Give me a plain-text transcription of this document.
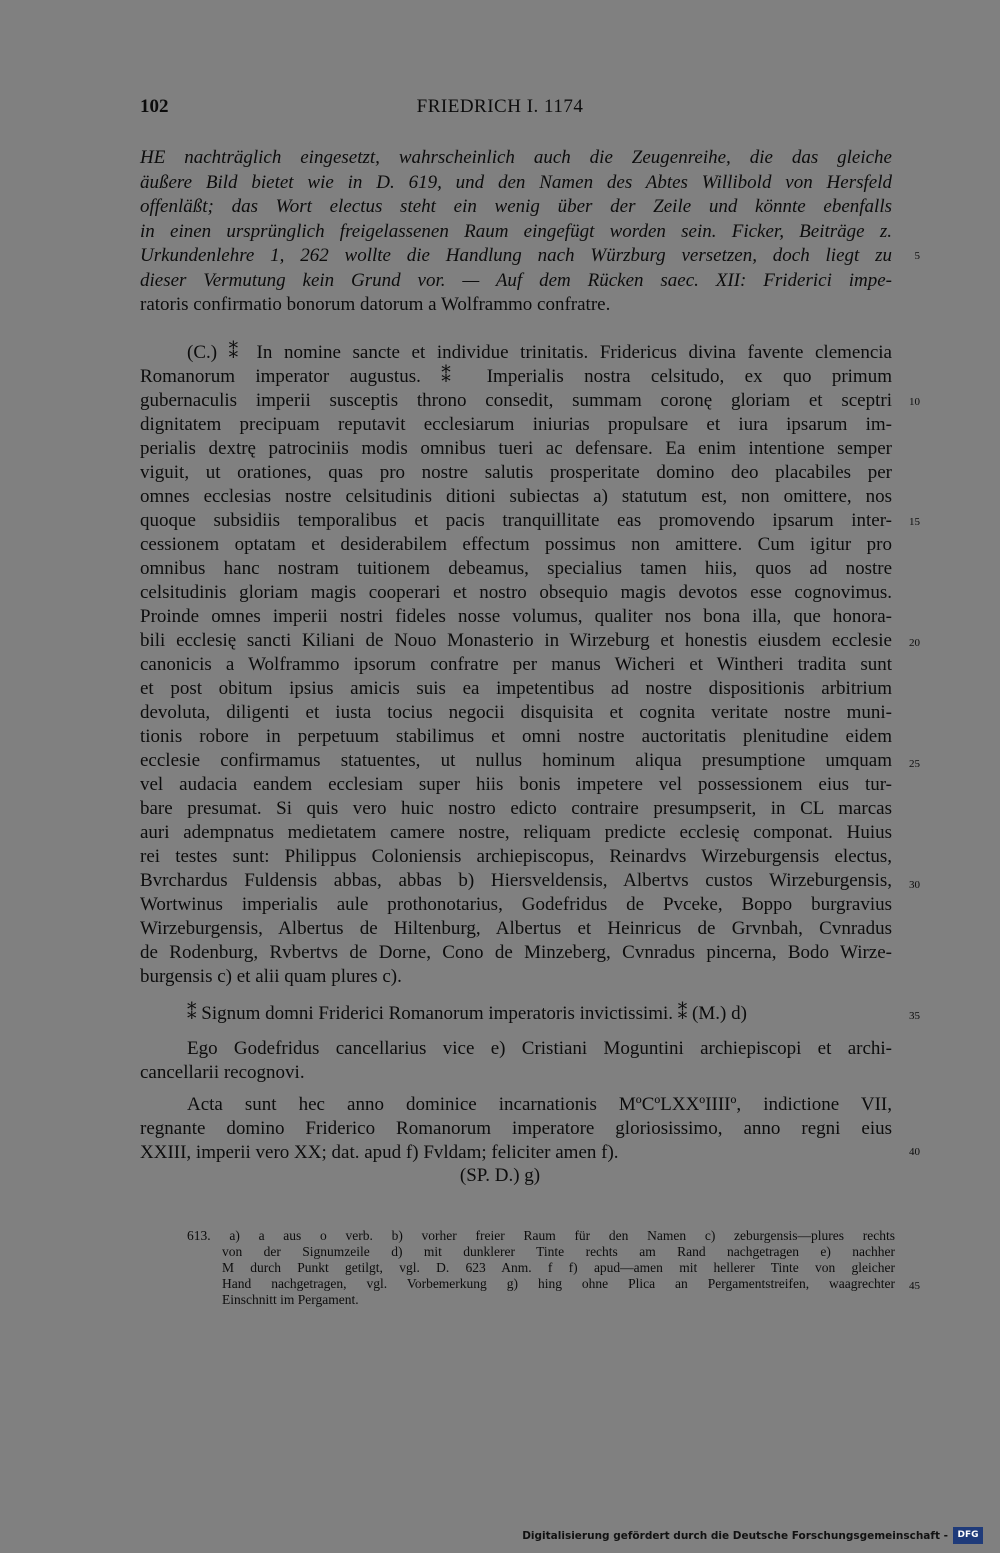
102	FRIEDRICH I. 1174
HE nachträglich eingesetzt, wahrscheinlich auch die Zeugenreihe, die das gleiche
äußere Bild bietet wie in D. 619, und den Namen des Abtes Willibold von Hersfeld
offenläßt; das Wort electus steht ein wenig über der Zeile und könnte ebenfalls
in einen ursprünglich freigelassenen Raum eingefügt worden sein. Ficker, Beiträge z.
Urkundenlehre 1, 262 wollte die Handlung nach Würzburg versetzen, doch liegt zu
dieser Vermutung kein Grund vor. — Auf dem Rücken saec. XII: Friderici impe-
ratoris confirmatio bonorum datorum a Wolframmo confratre.
(C.) ⁑ In nomine sancte et individue trinitatis. Fridericus divina favente clemencia
Romanorum imperator augustus. ⁑ Imperialis nostra celsitudo, ex quo primum
gubernaculis imperii susceptis throno consedit, summam coronę gloriam et sceptri
dignitatem precipuam reputavit ecclesiarum iniurias propulsare et iura ipsarum im-
perialis dextrę patrociniis modis omnibus tueri ac defensare. Ea enim intentione semper
viguit, ut orationes, quas pro nostre salutis prosperitate domino deo placabiles per
omnes ecclesias nostre celsitudinis ditioni subiectas a) statutum est, non omittere, nos
quoque subsidiis temporalibus et pacis tranquillitate eas promovendo ipsarum inter-
cessionem optatam et desiderabilem effectum possimus non amittere. Cum igitur pro
omnibus hanc nostram tuitionem debeamus, specialius tamen hiis, quos ad nostre
celsitudinis gloriam magis cooperari et nostro obsequio magis devotos esse cognovimus.
Proinde omnes imperii nostri fideles nosse volumus, qualiter nos bona illa, que honora-
bili ecclesię sancti Kiliani de Nouo Monasterio in Wirzeburg et honestis eiusdem ecclesie
canonicis a Wolframmo ipsorum confratre per manus Wicheri et Wintheri tradita sunt
et post obitum ipsius amicis suis ea impetentibus ad nostre dispositionis arbitrium
devoluta, diligenti et iusta tocius negocii disquisita et cognita veritate nostre muni-
tionis robore in perpetuum stabilimus et omni nostre auctoritatis plenitudine eidem
ecclesie confirmamus statuentes, ut nullus hominum aliqua presumptione umquam
vel audacia eandem ecclesiam super hiis bonis impetere vel possessionem eius tur-
bare presumat. Si quis vero huic nostro edicto contraire presumpserit, in CL marcas
auri adempnatus medietatem camere nostre, reliquam predicte ecclesię componat. Huius
rei testes sunt: Philippus Coloniensis archiepiscopus, Reinardvs Wirzeburgensis electus,
Bvrchardus Fuldensis abbas, abbas b) Hiersveldensis, Albertvs custos Wirzeburgensis,
Wortwinus imperialis aule prothonotarius, Godefridus de Pvceke, Boppo burgravius
Wirzeburgensis, Albertus de Hiltenburg, Albertus et Heinricus de Grvnbah, Cvnradus
de Rodenburg, Rvbertvs de Dorne, Cono de Minzeberg, Cvnradus pincerna, Bodo Wirze-
burgensis c) et alii quam plures c).
⁑ Signum domni Friderici Romanorum imperatoris invictissimi. ⁑ (M.) d)
Ego Godefridus cancellarius vice e) Cristiani Moguntini archiepiscopi et archi-
cancellarii recognovi.
Acta sunt hec anno dominice incarnationis MºCºLXXºIIIIº, indictione VII,
regnante domino Friderico Romanorum imperatore gloriosissimo, anno regni eius
XXIII, imperii vero XX; dat. apud f) Fvldam; feliciter amen f).
(SP. D.) g)
613. a) a aus o verb. b) vorher freier Raum für den Namen c) zeburgensis—plures rechts
von der Signumzeile d) mit dunklerer Tinte rechts am Rand nachgetragen e) nachher
M durch Punkt getilgt, vgl. D. 623 Anm. f f) apud—amen mit hellerer Tinte von gleicher
Hand nachgetragen, vgl. Vorbemerkung g) hing ohne Plica an Pergamentstreifen, waagrechter
Einschnitt im Pergament.
5
10
15
20
25
30
35
40
45
Digitalisierung gefördert durch die Deutsche Forschungsgemeinschaft -	DFG
